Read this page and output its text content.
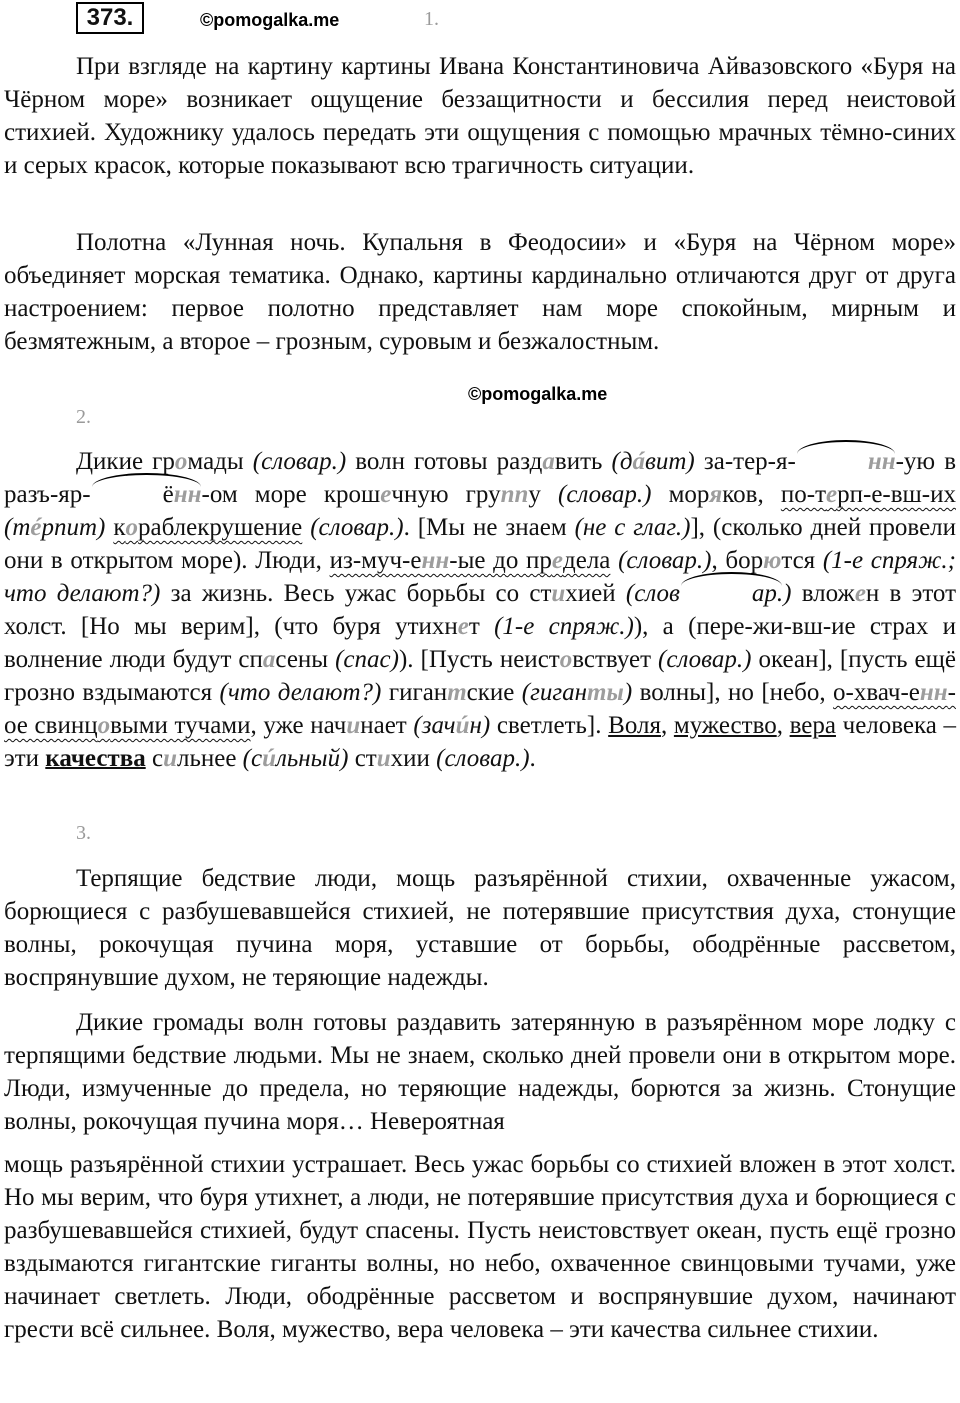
373.	©pomogalka.me	1.

При взгляде на картину картины Ивана Константиновича Айвазовского «Буря на Чёрном море» возникает ощущение беззащитности и бессилия перед неистовой стихией. Художнику удалось передать эти ощущения с помощью мрачных тёмно-синих и серых красок, которые показывают всю трагичность ситуации.

Полотна «Лунная ночь. Купальня в Феодосии» и «Буря на Чёрном море» объединяет морская тематика. Однако, картины кардинально отличаются друг от друга настроением: первое полотно представляет нам море спокойным, мирным и безмятежным, а второе – грозным, суровым и безжалостным.

©pomogalka.me
2.

Дикие громады (словар.) волн готовы раздавить (дáвит) за-тер-я-	нн-ую в разъ-яр-	ённ-ом море крошечную группу (словар.) моряков, по-терп-е-вш-их (тéрпит) кораблекрушение (словар.). [Мы не знаем (не с глаг.)], (сколько дней провели они в открытом море). Люди, из-муч-енн-ые до предела (словар.), борются (1-е спряж.; что делают?) за жизнь. Весь ужас борьбы со стихией (слов	ар.) вложен в этот холст. [Но мы верим], (что буря утихнет (1-е спряж.)), а (пере-жи-вш-ие страх и волнение люди будут спасены (спас)). [Пусть неистовствует (словар.) океан], [пусть ещё грозно вздымаются (что делают?) гигантские (гиганты) волны], но [небо, о-хвач-енн-ое свинцовыми тучами, уже начинает (зачúн) светлеть]. Воля, мужество, вера человека – эти качества сильнее (сúльный) стихии (словар.).

3.

Терпящие бедствие люди, мощь разъярённой стихии, охваченные ужасом, борющиеся с разбушевавшейся стихией, не потерявшие присутствия духа, стонущие волны, рокочущая пучина моря, уставшие от борьбы, ободрённые рассветом, воспрянувшие духом, не теряющие надежды.

Дикие громады волн готовы раздавить затерянную в разъярённом море лодку с терпящими бедствие людьми. Мы не знаем, сколько дней провели они в открытом море. Люди, измученные до предела, но теряющие надежды, борются за жизнь. Стонущие волны, рокочущая пучина моря… Невероятная

мощь разъярённой стихии устрашает. Весь ужас борьбы со стихией вложен в этот холст. Но мы верим, что буря утихнет, а люди, не потерявшие присутствия духа и борющиеся с разбушевавшейся стихией, будут спасены. Пусть неистовствует океан, пусть ещё грозно вздымаются гигантские гиганты волны, но небо, охваченное свинцовыми тучами, уже начинает светлеть. Люди, ободрённые рассветом и воспрянувшие духом, начинают грести всё сильнее. Воля, мужество, вера человека – эти качества сильнее стихии.
